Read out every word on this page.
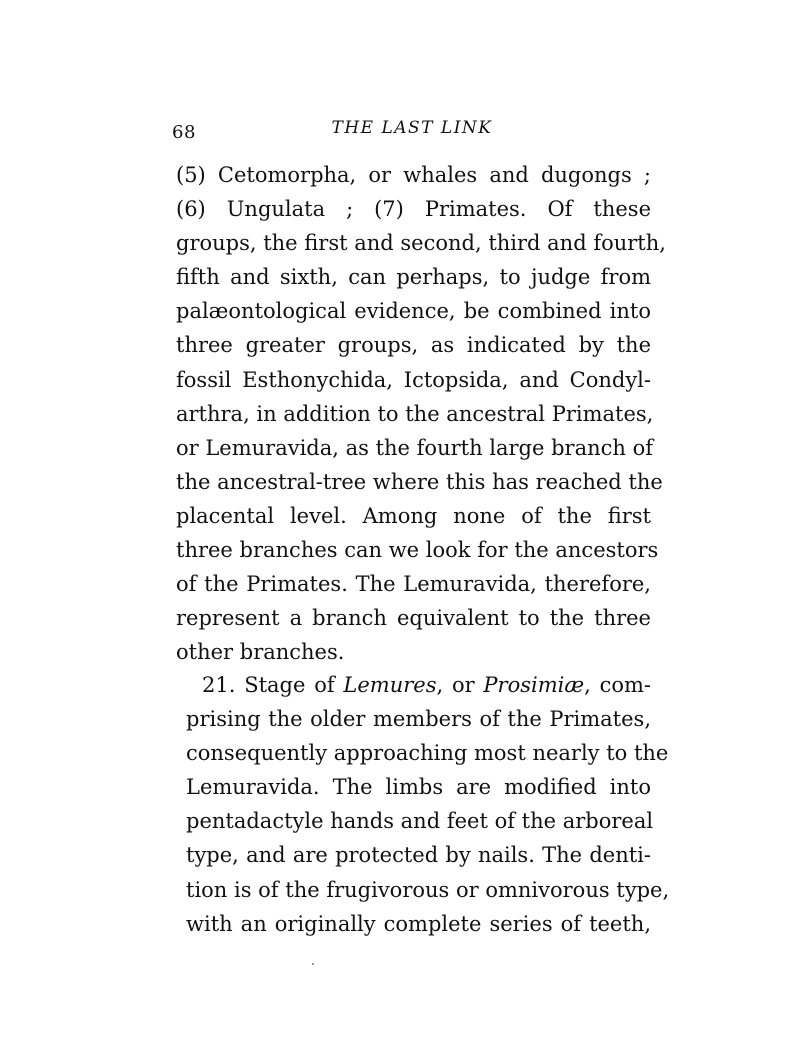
68	THE LAST LINK
(5) Cetomorpha, or whales and dugongs ;
(6) Ungulata ; (7) Primates. Of these
groups, the first and second, third and fourth,
fifth and sixth, can perhaps, to judge from
palæontological evidence, be combined into
three greater groups, as indicated by the
fossil Esthonychida, Ictopsida, and Condyl-
arthra, in addition to the ancestral Primates,
or Lemuravida, as the fourth large branch of
the ancestral-tree where this has reached the
placental level. Among none of the first
three branches can we look for the ancestors
of the Primates. The Lemuravida, therefore,
represent a branch equivalent to the three
other branches.
21. Stage of Lemures, or Prosimiæ, com-
prising the older members of the Primates,
consequently approaching most nearly to the
Lemuravida. The limbs are modified into
pentadactyle hands and feet of the arboreal
type, and are protected by nails. The denti-
tion is of the frugivorous or omnivorous type,
with an originally complete series of teeth,
